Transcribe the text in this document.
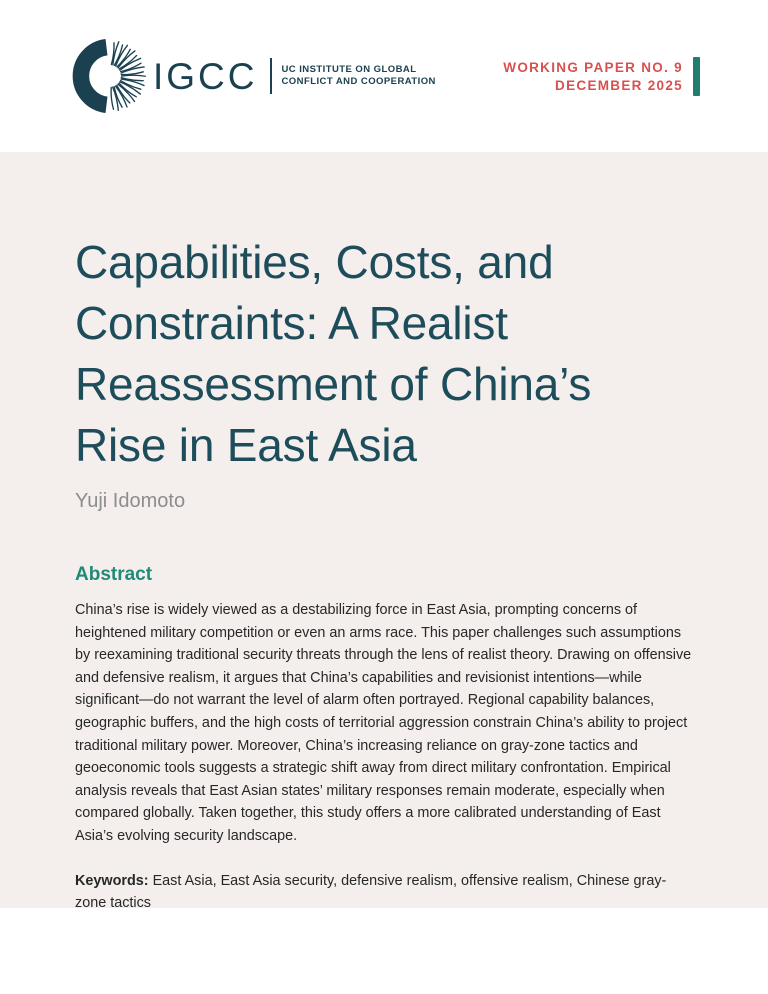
IGCC	UC INSTITUTE ON GLOBAL
CONFLICT AND COOPERATION
WORKING PAPER NO. 9
DECEMBER 2025
Capabilities, Costs, and
Constraints: A Realist
Reassessment of China’s
Rise in East Asia
Yuji Idomoto
Abstract

China’s rise is widely viewed as a destabilizing force in East Asia, prompting concerns of heightened military competition or even an arms race. This paper challenges such assumptions by reexamining traditional security threats through the lens of realist theory. Drawing on offensive and defensive realism, it argues that China’s capabilities and revisionist intentions—while significant—do not warrant the level of alarm often portrayed. Regional capability balances, geographic buffers, and the high costs of territorial aggression constrain China’s ability to project traditional military power. Moreover, China’s increasing reliance on gray-zone tactics and geoeconomic tools suggests a strategic shift away from direct military confrontation. Empirical analysis reveals that East Asian states’ military responses remain moderate, especially when compared globally. Taken together, this study offers a more calibrated understanding of East Asia’s evolving security landscape.

Keywords: East Asia, East Asia security, defensive realism, offensive realism, Chinese gray-zone tactics
